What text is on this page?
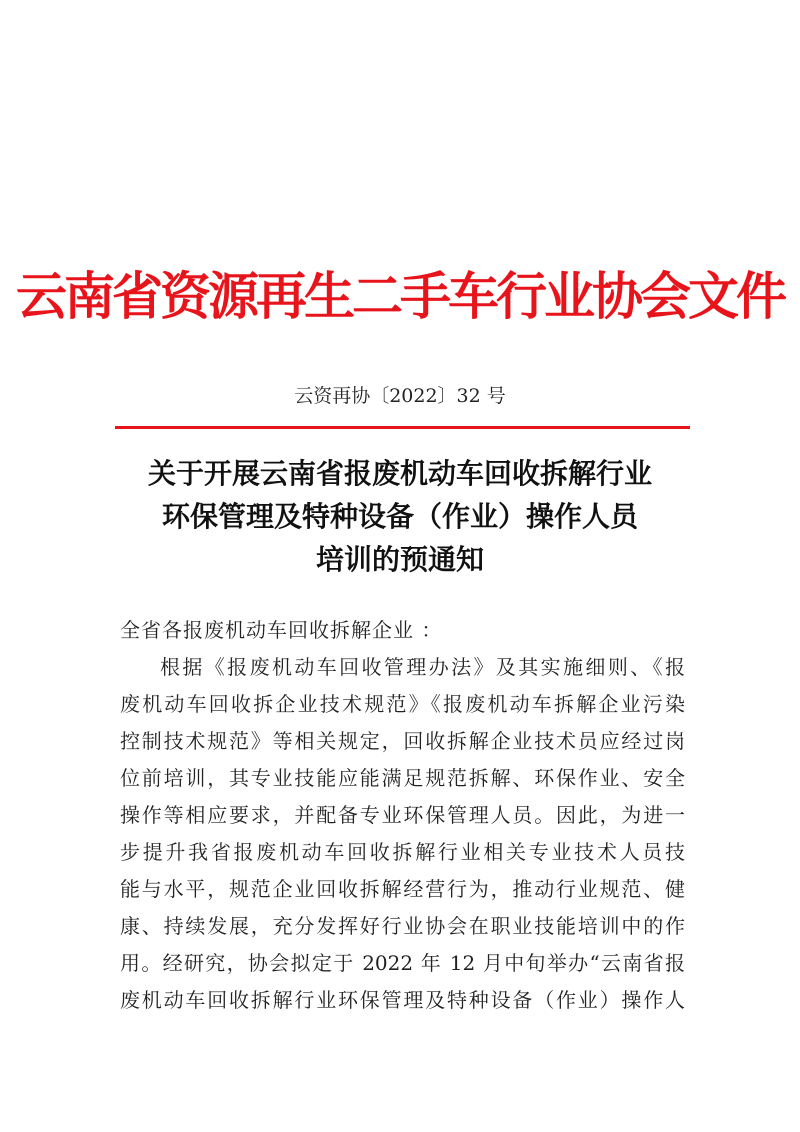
云南省资源再生二手车行业协会文件
云资再协〔2022〕32 号
关于开展云南省报废机动车回收拆解行业
环保管理及特种设备（作业）操作人员
培训的预通知
全省各报废机动车回收拆解企业 ：
根据《报废机动车回收管理办法》及其实施细则、《报
废机动车回收拆企业技术规范》《报废机动车拆解企业污染
控制技术规范》等相关规定，回收拆解企业技术员应经过岗
位前培训，其专业技能应能满足规范拆解、环保作业、安全
操作等相应要求，并配备专业环保管理人员。因此，为进一
步提升我省报废机动车回收拆解行业相关专业技术人员技
能与水平，规范企业回收拆解经营行为，推动行业规范、健
康、持续发展，充分发挥好行业协会在职业技能培训中的作
用。经研究，协会拟定于 2022 年 12 月中旬举办“云南省报
废机动车回收拆解行业环保管理及特种设备（作业）操作人
